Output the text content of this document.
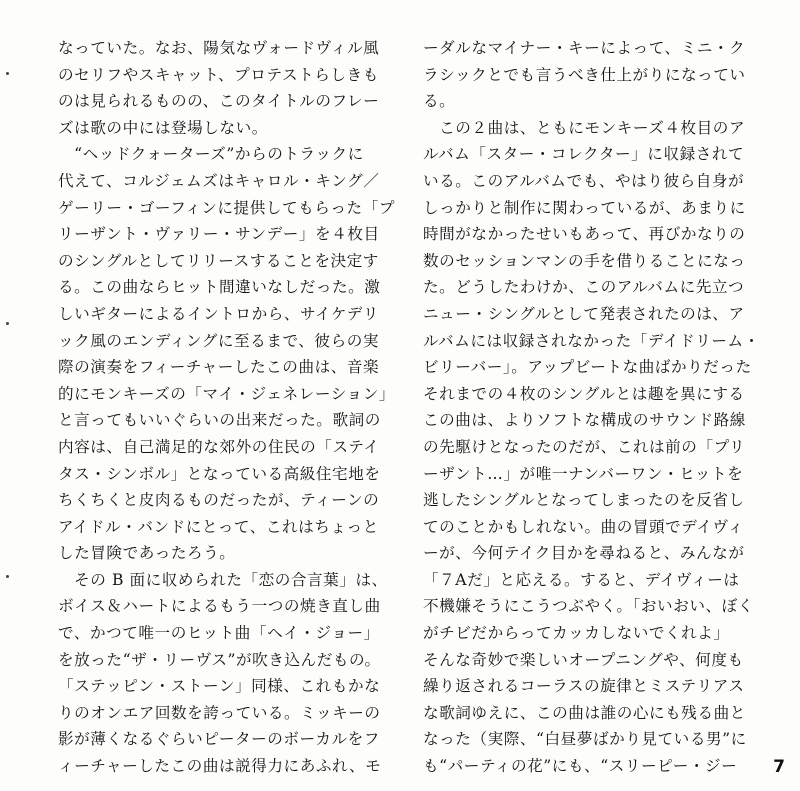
なっていた。なお、陽気なヴォードヴィル風
のセリフやスキャット、プロテストらしきも
のは見られるものの、このタイトルのフレー
ズは歌の中には登場しない。
　“ヘッドクォーターズ”からのトラックに
代えて、コルジェムズはキャロル・キング／
ゲーリー・ゴーフィンに提供してもらった「プ
リーザント・ヴァリー・サンデー」を４枚目
のシングルとしてリリースすることを決定す
る。この曲ならヒット間違いなしだった。激
しいギターによるイントロから、サイケデリ
ック風のエンディングに至るまで、彼らの実
際の演奏をフィーチャーしたこの曲は、音楽
的にモンキーズの「マイ・ジェネレーション」
と言ってもいいぐらいの出来だった。歌詞の
内容は、自己満足的な郊外の住民の「ステイ
タス・シンボル」となっている高級住宅地を
ちくちくと皮肉るものだったが、ティーンの
アイドル・バンドにとって、これはちょっと
した冒険であったろう。
　その B 面に収められた「恋の合言葉」は、
ボイス＆ハートによるもう一つの焼き直し曲
で、かつて唯一のヒット曲「ヘイ・ジョー」
を放った“ザ・リーヴス”が吹き込んだもの。
「ステッピン・ストーン」同様、これもかな
りのオンエア回数を誇っている。ミッキーの
影が薄くなるぐらいピーターのボーカルをフ
ィーチャーしたこの曲は説得力にあふれ、モ
ーダルなマイナー・キーによって、ミニ・ク
ラシックとでも言うべき仕上がりになってい
る。
　この２曲は、ともにモンキーズ４枚目のア
ルバム「スター・コレクター」に収録されて
いる。このアルバムでも、やはり彼ら自身が
しっかりと制作に関わっているが、あまりに
時間がなかったせいもあって、再びかなりの
数のセッションマンの手を借りることになっ
た。どうしたわけか、このアルバムに先立つ
ニュー・シングルとして発表されたのは、ア
ルバムには収録されなかった「デイドリーム・
ビリーバー」。アップビートな曲ばかりだった
それまでの４枚のシングルとは趣を異にする
この曲は、よりソフトな構成のサウンド路線
の先駆けとなったのだが、これは前の「プリ
ーザント…」が唯一ナンバーワン・ヒットを
逃したシングルとなってしまったのを反省し
てのことかもしれない。曲の冒頭でデイヴィ
ーが、今何テイク目かを尋ねると、みんなが
「７Aだ」と応える。すると、デイヴィーは
不機嫌そうにこうつぶやく。「おいおい、ぼく
がチビだからってカッカしないでくれよ」
そんな奇妙で楽しいオープニングや、何度も
繰り返されるコーラスの旋律とミステリアス
な歌詞ゆえに、この曲は誰の心にも残る曲と
なった（実際、“白昼夢ばかり見ている男”に
も“パーティの花”にも、“スリーピー・ジー	7
